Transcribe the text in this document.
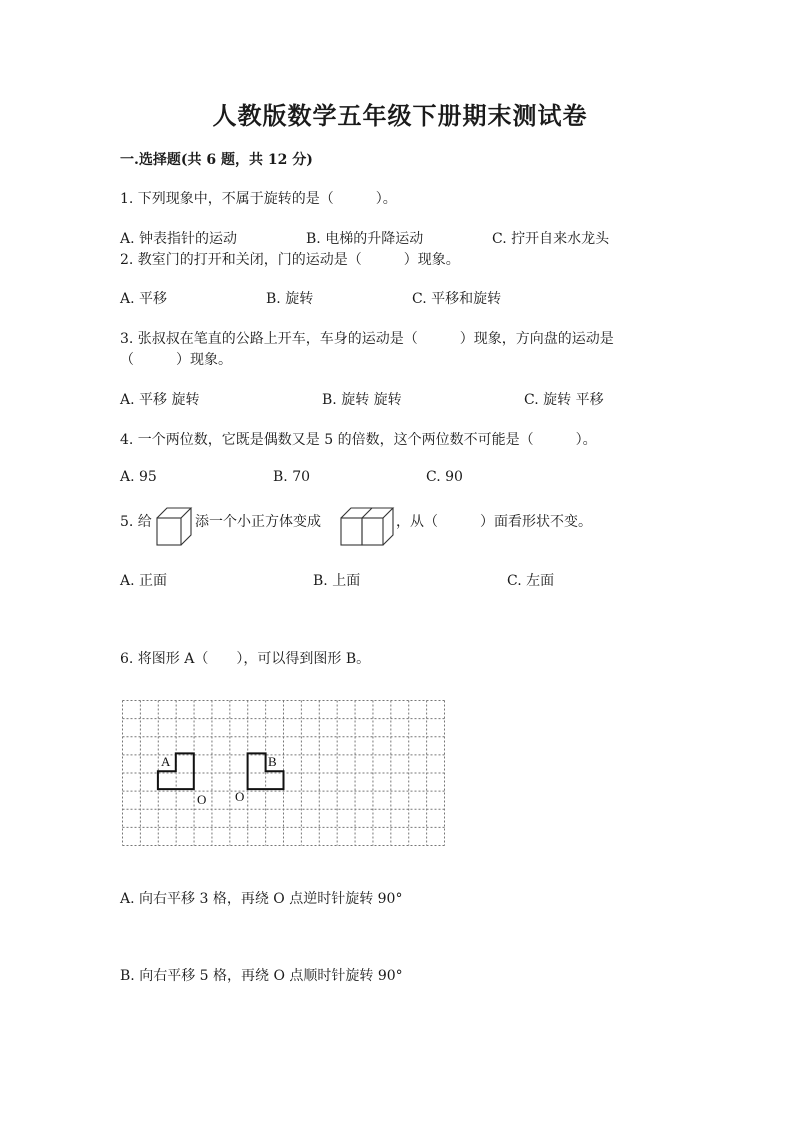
人教版数学五年级下册期末测试卷
一.选择题(共 6 题，共 12 分)
1. 下列现象中，不属于旋转的是（　　　）。
A. 钟表指针的运动	B. 电梯的升降运动	C. 拧开自来水龙头
2. 教室门的打开和关闭，门的运动是（　　　）现象。
A. 平移	B. 旋转	C. 平移和旋转
3. 张叔叔在笔直的公路上开车，车身的运动是（　　　）现象，方向盘的运动是
（　　　）现象。
A. 平移 旋转	B. 旋转 旋转	C. 旋转 平移
4. 一个两位数，它既是偶数又是 5 的倍数，这个两位数不可能是（　　　）。
A. 95	B. 70	C. 90
5. 给	添一个小正方体变成	，从（　　　）面看形状不变。
A. 正面	B. 上面	C. 左面
6. 将图形 A（　　），可以得到图形 B。
A	B
O O
A. 向右平移 3 格，再绕 O 点逆时针旋转 90°
B. 向右平移 5 格，再绕 O 点顺时针旋转 90°
